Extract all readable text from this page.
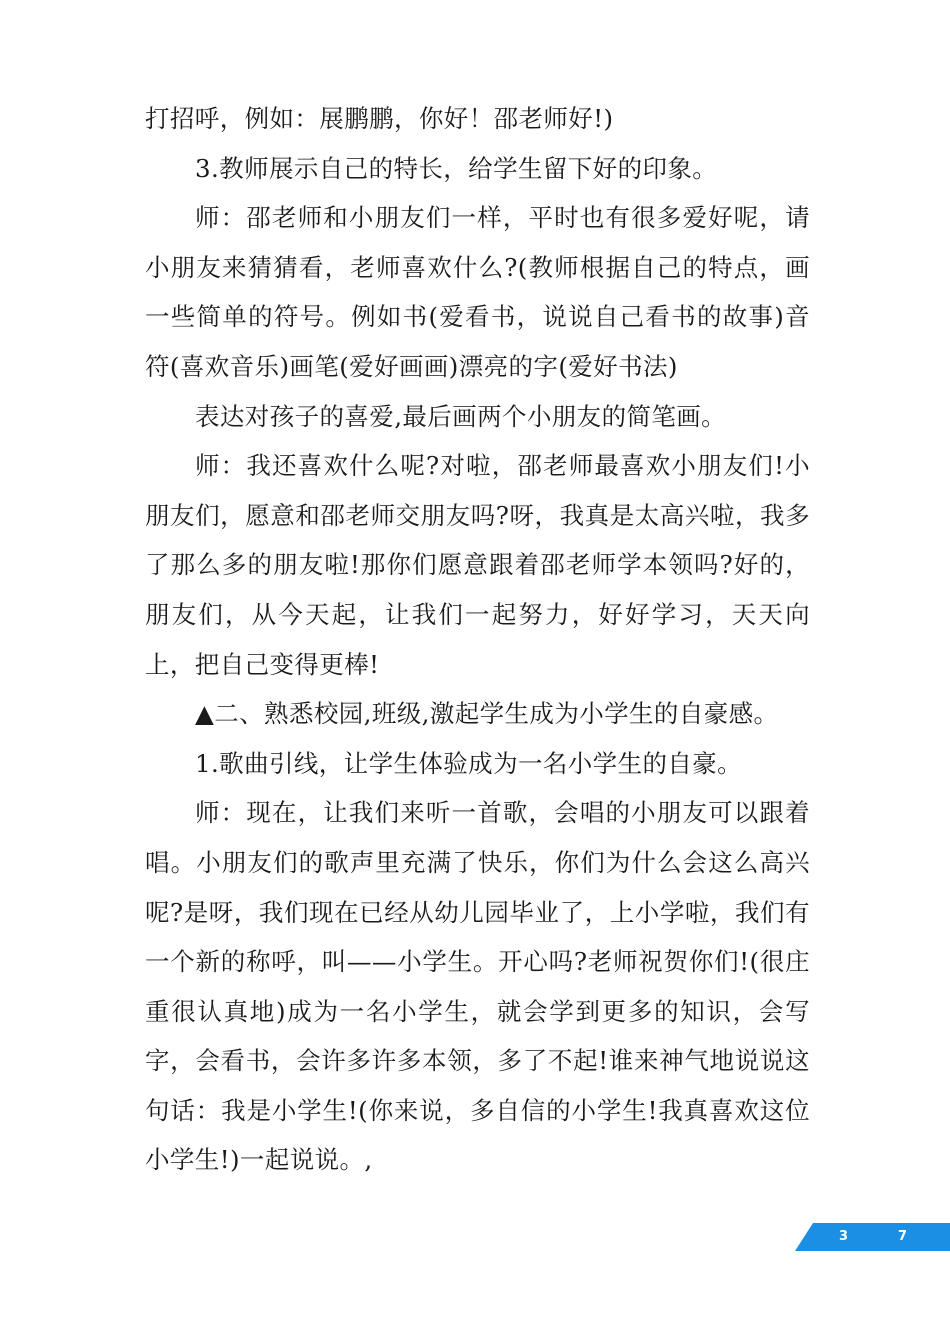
打招呼，例如：展鹏鹏，你好！邵老师好!)

3.教师展示自己的特长，给学生留下好的印象。

师：邵老师和小朋友们一样，平时也有很多爱好呢，请小朋友来猜猜看，老师喜欢什么?(教师根据自己的特点，画一些简单的符号。例如书(爱看书，说说自己看书的故事)音符(喜欢音乐)画笔(爱好画画)漂亮的字(爱好书法)

表达对孩子的喜爱,最后画两个小朋友的简笔画。

师：我还喜欢什么呢?对啦，邵老师最喜欢小朋友们!小朋友们，愿意和邵老师交朋友吗?呀，我真是太高兴啦，我多了那么多的朋友啦!那你们愿意跟着邵老师学本领吗?好的，朋友们，从今天起，让我们一起努力，好好学习，天天向上，把自己变得更棒!

▲二、熟悉校园,班级,激起学生成为小学生的自豪感。

1.歌曲引线，让学生体验成为一名小学生的自豪。

师：现在，让我们来听一首歌，会唱的小朋友可以跟着唱。小朋友们的歌声里充满了快乐，你们为什么会这么高兴呢?是呀，我们现在已经从幼儿园毕业了，上小学啦，我们有一个新的称呼，叫——小学生。开心吗?老师祝贺你们!(很庄重很认真地)成为一名小学生，就会学到更多的知识，会写字，会看书，会许多许多本领，多了不起!谁来神气地说说这句话：我是小学生!(你来说，多自信的小学生!我真喜欢这位小学生!)一起说说。,

3	7
